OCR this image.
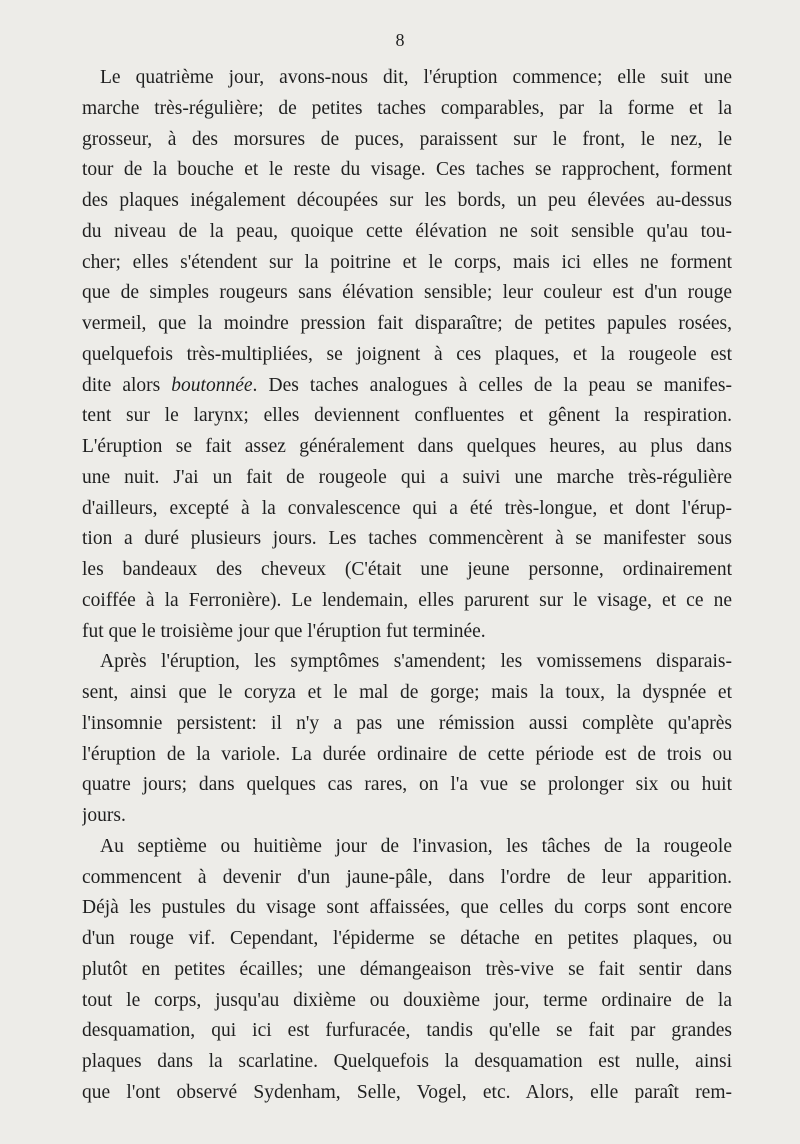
8
Le quatrième jour, avons-nous dit, l'éruption commence; elle suit une
marche très-régulière; de petites taches comparables, par la forme et la
grosseur, à des morsures de puces, paraissent sur le front, le nez, le
tour de la bouche et le reste du visage. Ces taches se rapprochent, forment
des plaques inégalement découpées sur les bords, un peu élevées au-dessus
du niveau de la peau, quoique cette élévation ne soit sensible qu'au tou-
cher; elles s'étendent sur la poitrine et le corps, mais ici elles ne forment
que de simples rougeurs sans élévation sensible; leur couleur est d'un rouge
vermeil, que la moindre pression fait disparaître; de petites papules rosées,
quelquefois très-multipliées, se joignent à ces plaques, et la rougeole est
dite alors boutonnée. Des taches analogues à celles de la peau se manifes-
tent sur le larynx; elles deviennent confluentes et gênent la respiration.
L'éruption se fait assez généralement dans quelques heures, au plus dans
une nuit. J'ai un fait de rougeole qui a suivi une marche très-régulière
d'ailleurs, excepté à la convalescence qui a été très-longue, et dont l'érup-
tion a duré plusieurs jours. Les taches commencèrent à se manifester sous
les bandeaux des cheveux (C'était une jeune personne, ordinairement
coiffée à la Ferronière). Le lendemain, elles parurent sur le visage, et ce ne
fut que le troisième jour que l'éruption fut terminée.
Après l'éruption, les symptômes s'amendent; les vomissemens disparais-
sent, ainsi que le coryza et le mal de gorge; mais la toux, la dyspnée et
l'insomnie persistent: il n'y a pas une rémission aussi complète qu'après
l'éruption de la variole. La durée ordinaire de cette période est de trois ou
quatre jours; dans quelques cas rares, on l'a vue se prolonger six ou huit
jours.
Au septième ou huitième jour de l'invasion, les tâches de la rougeole
commencent à devenir d'un jaune-pâle, dans l'ordre de leur apparition.
Déjà les pustules du visage sont affaissées, que celles du corps sont encore
d'un rouge vif. Cependant, l'épiderme se détache en petites plaques, ou
plutôt en petites écailles; une démangeaison très-vive se fait sentir dans
tout le corps, jusqu'au dixième ou douxième jour, terme ordinaire de la
desquamation, qui ici est furfuracée, tandis qu'elle se fait par grandes
plaques dans la scarlatine. Quelquefois la desquamation est nulle, ainsi
que l'ont observé Sydenham, Selle, Vogel, etc. Alors, elle paraît rem-
